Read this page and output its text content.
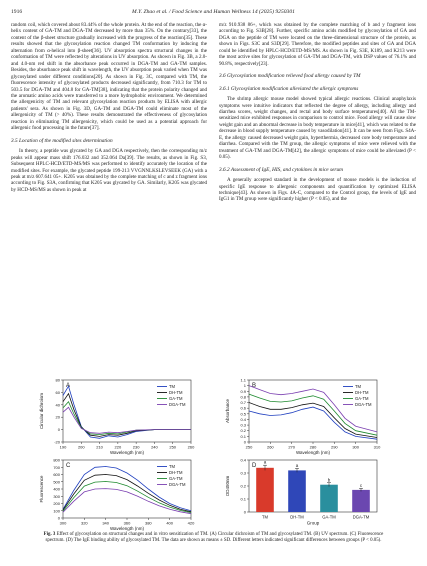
1916	M.Y. Zhao et al. / Food Science and Human Wellness 14 (2025) 9250301

random coil, which covered about 83.44% of the whole protein. At the end of the reaction, the α-helix content of GA-TM and DGA-TM decreased by more than 35%. On the contrary[33], the content of the β-sheet structure gradually increased with the progress of the reaction[35]. These results showed that the glycosylation reaction changed TM conformation by inducing the alternation from α-helical into β-sheet[36]. UV absorption spectra structural changes in the conformation of TM were reflected by alterations in UV absorption. As shown in Fig. 3B, a 2.0- and 4.0-nm red shift in the absorbance peak occurred in DGA-TM and GA-TM samples. Besides, the absorbance peak shift in wavelength, the UV absorption peak varied when TM was glycosylated under different conditions[20]. As shown in Fig. 3C, compared with TM, the fluorescence intensity of glycosylated products decreased significantly, from 710.3 for TM to 503.5 for DGA-TM and 404.8 for GA-TM[38], indicating that the protein polarity changed and the aromatic amino acids were transferred to a more hydrophobic environment. We determined the allergenicity of TM and relevant glycosylation reaction products by ELISA with allergic patients' sera. As shown in Fig. 3D, GA-TM and DGA-TM could eliminate most of the allergenicity of TM (> 40%). These results demonstrated the effectiveness of glycosylation reaction in eliminating TM allergenicity, which could be used as a potential approach for allergenic food processing in the future[37].

3.5 Location of the modified sites determination

In theory, a peptide was glycated by GA and DGA respectively, then the corresponding m/z peaks will appear mass shift 176.032 and 352.064 Da[39]. The results, as shown in Fig. S3, Subsequent HPLC-HCD/ETD-MS/MS was performed to identify accurately the location of the modified sites. For example, the glycated peptide 199-213 VVGNNLKSLEVSEEK (GA) with a peak at m/z 607.641 05+. K205 was obtained by the complete matching of c and z fragment ions according to Fig. S3A, confirming that K205 was glycated by GA. Similarly, K205 was glycated by HCD-MS/MS as shown in peak at

m/z 910.938 86+, which was obtained by the complete matching of b and y fragment ions according to Fig. S3B[28]. Further, specific amino acids modified by glycosylation of GA and DGA on the peptide of TM were located on the three-dimensional structure of the protein, as shown in Figs. S3C and S3D[29]. Therefore, the modified peptides and sites of GA and DGA could be identified by HPLC-HCD/ETD-MS/MS. As shown in Fig. S3E, K189, and K213 were the most active sites for glycosylation of GA-TM and DGA-TM, with DSP values of 76.1% and 90.8%, respectively[23].

3.6 Glycosylation modification relieved food allergy caused by TM
3.6.1 Glycosylation modification alleviated the allergic symptoms

The shrimp allergic mouse model showed typical allergic reactions. Clinical anaphylaxis symptoms were intuitive indicators that reflected the degree of allergy, including allergy and diarrhea scores, weight changes, and rectal and body surface temperatures[40]. All the TM-sensitized mice exhibited responses in comparison to control mice. Food allergy will cause slow weight gain and an abnormal decrease in body temperature in mice[41], which was related to the decrease in blood supply temperature caused by vasodilation[41]. It can be seen from Figs. S4A-E, the allergy caused decreased weight gain, hyperthermia, decreased core body temperature and diarrhea. Compared with the TM group, the allergic symptoms of mice were relieved with the treatment of GA-TM and DGA-TM[42], the allergic symptoms of mice could be alleviated (P < 0.05).

3.6.2 Assessment of IgE, HIS, and cytokines in mice serum

A generally accepted standard in the development of mouse models is the induction of specific IgE response to allergenic components and quantification by optimized ELISA technique[43]. As shown in Figs. 4A-C, compared to the Control group, the levels of IgE and IgG1 in TM group were significantly higher (P < 0.05), and the

A
-20
0
20
40
60
80
Circular dichroism
190	200	210	220	230	240	250	260
Wavelength (nm)
TM
DH-TM
GA-TM
DGA-TM
B
0
0.1
0.2
0.3
0.4
0.5
0.6
0.7
0.8
0.9
1
1.1
Absorbance
250	260	270	280	290	300	310
Wavelength (nm)
TM
DH-TM
GA-TM
DGA-TM
C
0
100
200
300
400
500
600
700
800
Fluorescence
300	320	340	360	380	400	420
Wavelength (nm)
TM
DH-TM
GA-TM
DGA-TM
D
0
0.1
0.2
0.3
0.4
OD450nm
a
TM
a
DH-TM
b
GA-TM
c
DGA-TM
Group
Fig. 3 Effect of glycosylation on structural changes and in vitro sensitization of TM. (A) Circular dichroism of TM and glycosylated TM. (B) UV spectrum. (C) Fluorescence spectrum. (D) The IgE binding ability of glycosylated TM. The data are shown as means ± SD. Different letters indicated significant differences between groups (P < 0.05).
